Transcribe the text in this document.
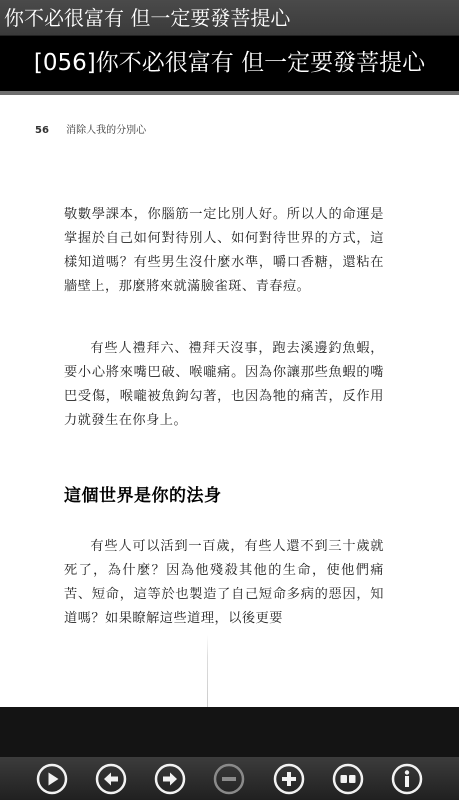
你不必很富有 但一定要發菩提心
[056]你不必很富有 但一定要發菩提心
56 消除人我的分別心

敬數學課本，你腦筋一定比別人好。所以人的命運是掌握於自己如何對待別人、如何對待世界的方式，這樣知道嗎？有些男生沒什麼水準，嚼口香糖，還粘在牆壁上，那麼將來就滿臉雀斑、青春痘。

有些人禮拜六、禮拜天沒事，跑去溪邊釣魚蝦，要小心將來嘴巴破、喉嚨痛。因為你讓那些魚蝦的嘴巴受傷，喉嚨被魚鉤勾著，也因為牠的痛苦，反作用力就發生在你身上。

這個世界是你的法身

有些人可以活到一百歲，有些人還不到三十歲就死了，為什麼？因為他殘殺其他的生命，使他們痛苦、短命，這等於也製造了自己短命多病的惡因，知道嗎？如果瞭解這些道理，以後更要
